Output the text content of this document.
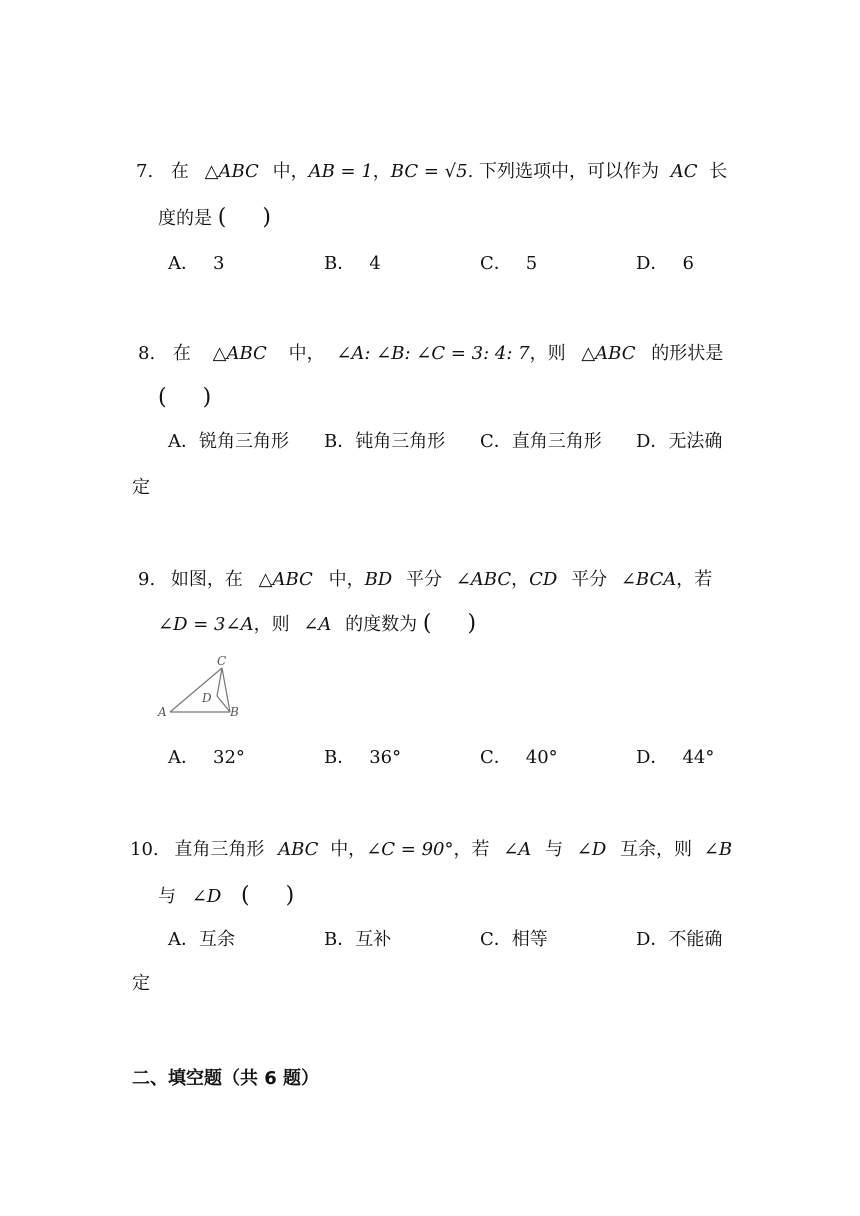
7. 在 △ABC 中，AB = 1，BC = √5. 下列选项中，可以作为 AC 长
度的是 ( )
A． 3	B． 4	C． 5	D． 6
8. 在 △ABC 中， ∠A: ∠B: ∠C = 3: 4: 7，则 △ABC 的形状是
( )
A．锐角三角形 B．钝角三角形 C．直角三角形 D．无法确
定
9. 如图，在 △ABC 中，BD 平分 ∠ABC，CD 平分 ∠BCA，若
∠D = 3∠A，则 ∠A 的度数为 ( )
A	B
C
D
A． 32°	B． 36°	C． 40°	D． 44°
10. 直角三角形 ABC 中，∠C = 90°，若 ∠A 与 ∠D 互余，则 ∠B
与 ∠D ( )
A．互余	B．互补	C．相等	D．不能确
定
二、填空题（共 6 题）
